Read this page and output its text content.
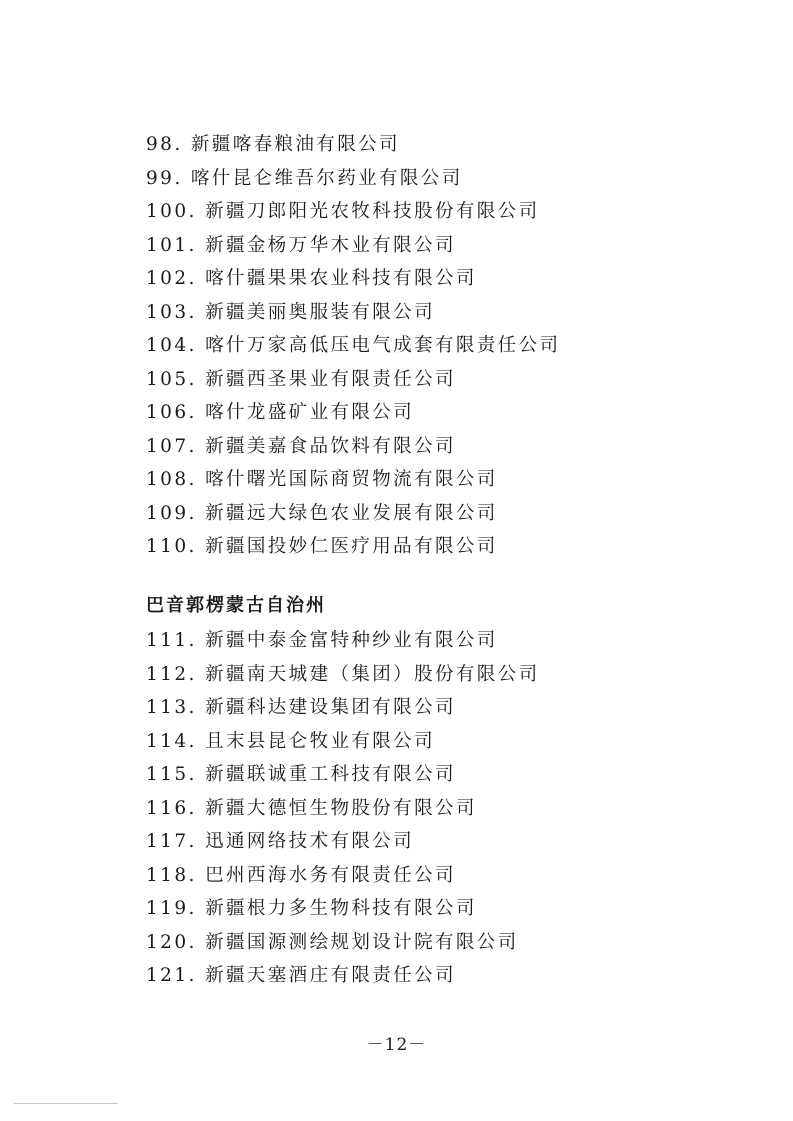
98. 新疆喀春粮油有限公司
99. 喀什昆仑维吾尔药业有限公司
100. 新疆刀郎阳光农牧科技股份有限公司
101. 新疆金杨万华木业有限公司
102. 喀什疆果果农业科技有限公司
103. 新疆美丽奥服装有限公司
104. 喀什万家高低压电气成套有限责任公司
105. 新疆西圣果业有限责任公司
106. 喀什龙盛矿业有限公司
107. 新疆美嘉食品饮料有限公司
108. 喀什曙光国际商贸物流有限公司
109. 新疆远大绿色农业发展有限公司
110. 新疆国投妙仁医疗用品有限公司
巴音郭楞蒙古自治州
111. 新疆中泰金富特种纱业有限公司
112. 新疆南天城建（集团）股份有限公司
113. 新疆科达建设集团有限公司
114. 且末县昆仑牧业有限公司
115. 新疆联诚重工科技有限公司
116. 新疆大德恒生物股份有限公司
117. 迅通网络技术有限公司
118. 巴州西海水务有限责任公司
119. 新疆根力多生物科技有限公司
120. 新疆国源测绘规划设计院有限公司
121. 新疆天塞酒庄有限责任公司
－12－
